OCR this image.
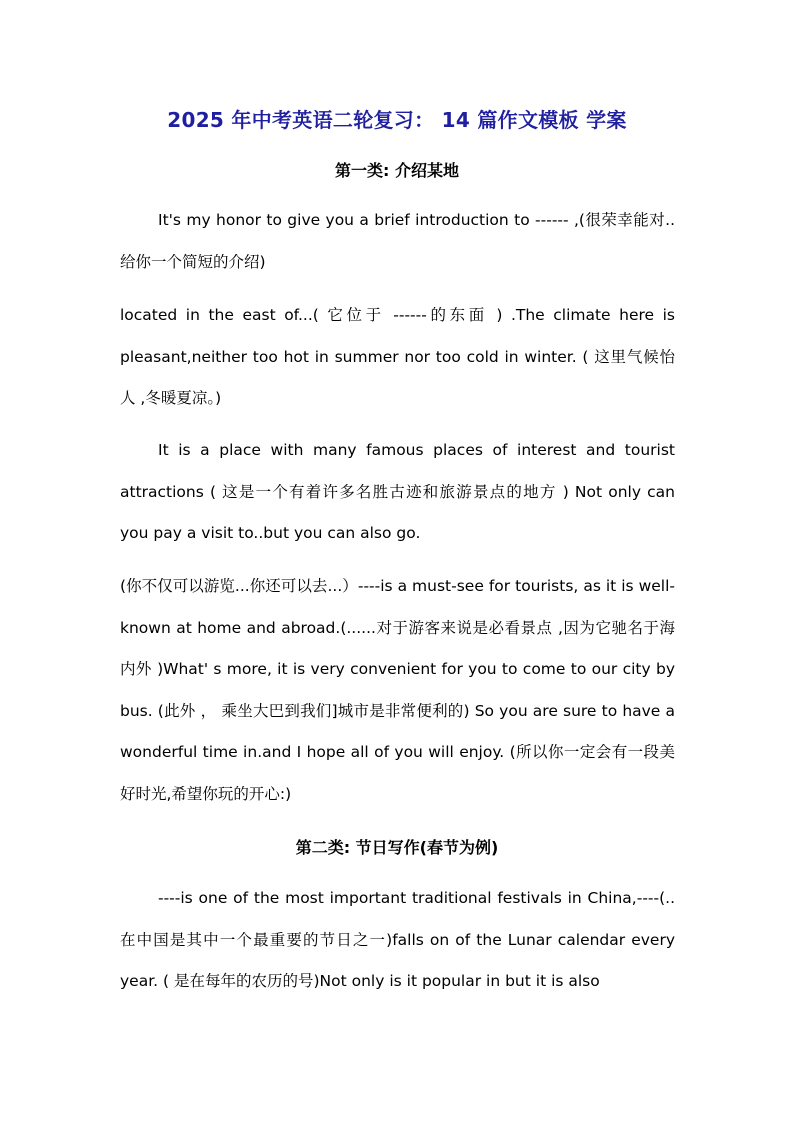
2025 年中考英语二轮复习： 14 篇作文模板 学案
第一类: 介绍某地

It's my honor to give you a brief introduction to ------ ,(很荣幸能对..给你一个简短的介绍)

located in the east of...( 它位于 ------的东面 ) .The climate here is pleasant,neither too hot in summer nor too cold in winter. ( 这里气候怡人 ,冬暖夏凉。)

It is a place with many famous places of interest and tourist attractions ( 这是一个有着许多名胜古迹和旅游景点的地方 ) Not only can you pay a visit to..but you can also go.

(你不仅可以游览...你还可以去...）----is a must-see for tourists, as it is well-known at home and abroad.(......对于游客来说是必看景点 ,因为它驰名于海内外 )What' s more, it is very convenient for you to come to our city by bus. (此外 ， 乘坐大巴到我们]城市是非常便利的) So you are sure to have a wonderful time in.and I hope all of you will enjoy. (所以你一定会有一段美好时光,希望你玩的开心:)

第二类: 节日写作(春节为例)

----is one of the most important traditional festivals in China,----(..在中国是其中一个最重要的节日之一)falls on of the Lunar calendar every year. ( 是在每年的农历的号)Not only is it popular in but it is also
